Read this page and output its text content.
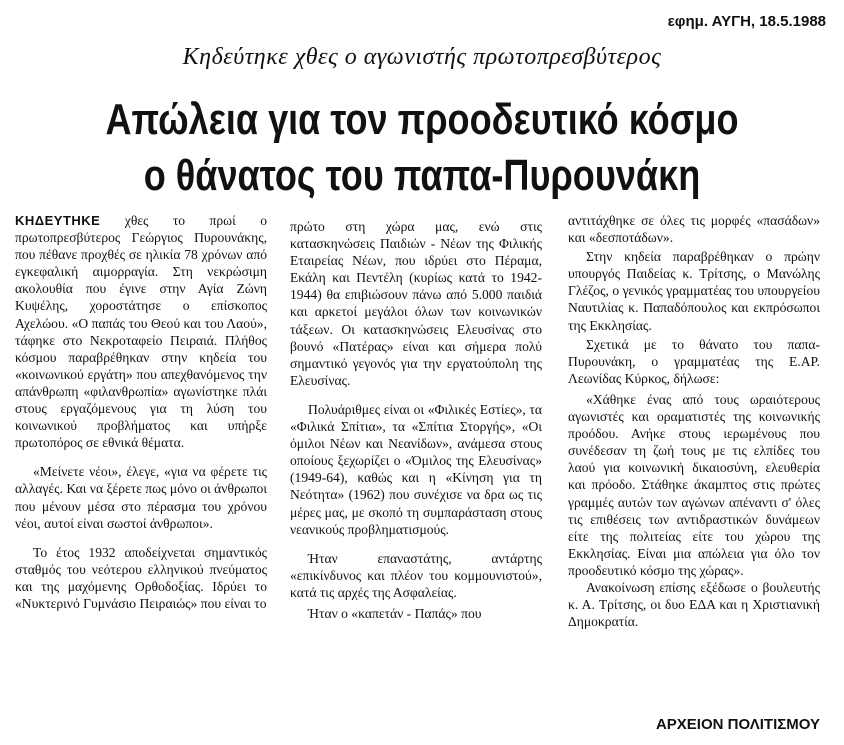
εφημ. ΑΥΓΗ, 18.5.1988
Κηδεύτηκε χθες ο αγωνιστής πρωτοπρεσβύτερος
Απώλεια για τον προοδευτικό κόσμο
ο θάνατος του παπα-Πυρουνάκη

ΚΗΔΕΥΤΗΚΕ χθες το πρωί ο πρωτοπρεσβύτερος Γεώργιος Πυρουνάκης, που πέθανε προχθές σε ηλικία 78 χρόνων από εγκεφαλική αιμορραγία. Στη νεκρώσιμη ακολουθία που έγινε στην Αγία Ζώνη Κυψέλης, χοροστάτησε ο επίσκοπος Αχελώου. «Ο παπάς του Θεού και του Λαού», τάφηκε στο Νεκροταφείο Πειραιά. Πλήθος κόσμου παραβρέθηκαν στην κηδεία του «κοινωνικού εργάτη» που απεχθανόμενος την απάνθρωπη «φιλανθρωπία» αγωνίστηκε πλάι στους εργαζόμενους για τη λύση του κοινωνικού προβλήματος και υπήρξε πρωτοπόρος σε εθνικά θέματα.

«Μείνετε νέοι», έλεγε, «για να φέρετε τις αλλαγές. Και να ξέρετε πως μόνο οι άνθρωποι που μένουν μέσα στο πέρασμα του χρόνου νέοι, αυτοί είναι σωστοί άνθρωποι».

Το έτος 1932 αποδείχνεται σημαντικός σταθμός του νεότερου ελληνικού πνεύματος και της μαχόμενης Ορθοδοξίας. Ιδρύει το «Νυκτερινό Γυμνάσιο Πειραιώς» που είναι το

πρώτο στη χώρα μας, ενώ στις κατασκηνώσεις Παιδιών - Νέων της Φιλικής Εταιρείας Νέων, που ιδρύει στο Πέραμα, Εκάλη και Πεντέλη (κυρίως κατά το 1942-1944) θα επιβιώσουν πάνω από 5.000 παιδιά και αρκετοί μεγάλοι όλων των κοινωνικών τάξεων. Οι κατασκηνώσεις Ελευσίνας στο βουνό «Πατέρας» είναι και σήμερα πολύ σημαντικό γεγονός για την εργατούπολη της Ελευσίνας.

Πολυάριθμες είναι οι «Φιλικές Εστίες», τα «Φιλικά Σπίτια», τα «Σπίτια Στοργής», «Οι όμιλοι Νέων και Νεανίδων», ανάμεσα στους οποίους ξεχωρίζει ο «Όμιλος της Ελευσίνας» (1949-64), καθώς και η «Κίνηση για τη Νεότητα» (1962) που συνέχισε να δρα ως τις μέρες μας, με σκοπό τη συμπαράσταση στους νεανικούς προβληματισμούς.

Ήταν επαναστάτης, αντάρτης «επικίνδυνος και πλέον του κομμουνιστού», κατά τις αρχές της Ασφαλείας.

Ήταν ο «καπετάν - Παπάς» που

αντιτάχθηκε σε όλες τις μορφές «πασάδων» και «δεσποτάδων».

Στην κηδεία παραβρέθηκαν ο πρώην υπουργός Παιδείας κ. Τρίτσης, ο Μανώλης Γλέζος, ο γενικός γραμματέας του υπουργείου Ναυτιλίας κ. Παπαδόπουλος και εκπρόσωποι της Εκκλησίας.

Σχετικά με το θάνατο του παπα-Πυρουνάκη, ο γραμματέας της Ε.ΑΡ. Λεωνίδας Κύρκος, δήλωσε:

«Χάθηκε ένας από τους ωραιότερους αγωνιστές και οραματιστές της κοινωνικής προόδου. Ανήκε στους ιερωμένους που συνέδεσαν τη ζωή τους με τις ελπίδες του λαού για κοινωνική δικαιοσύνη, ελευθερία και πρόοδο. Στάθηκε άκαμπτος στις πρώτες γραμμές αυτών των αγώνων απέναντι σ' όλες τις επιθέσεις των αντιδραστικών δυνάμεων είτε της πολιτείας είτε του χώρου της Εκκλησίας. Είναι μια απώλεια για όλο τον προοδευτικό κόσμο της χώρας».

Ανακοίνωση επίσης εξέδωσε ο βουλευτής κ. Α. Τρίτσης, οι δυο ΕΔΑ και η Χριστιανική Δημοκρατία.

ΑΡΧΕΙΟΝ ΠΟΛΙΤΙΣΜΟΥ
